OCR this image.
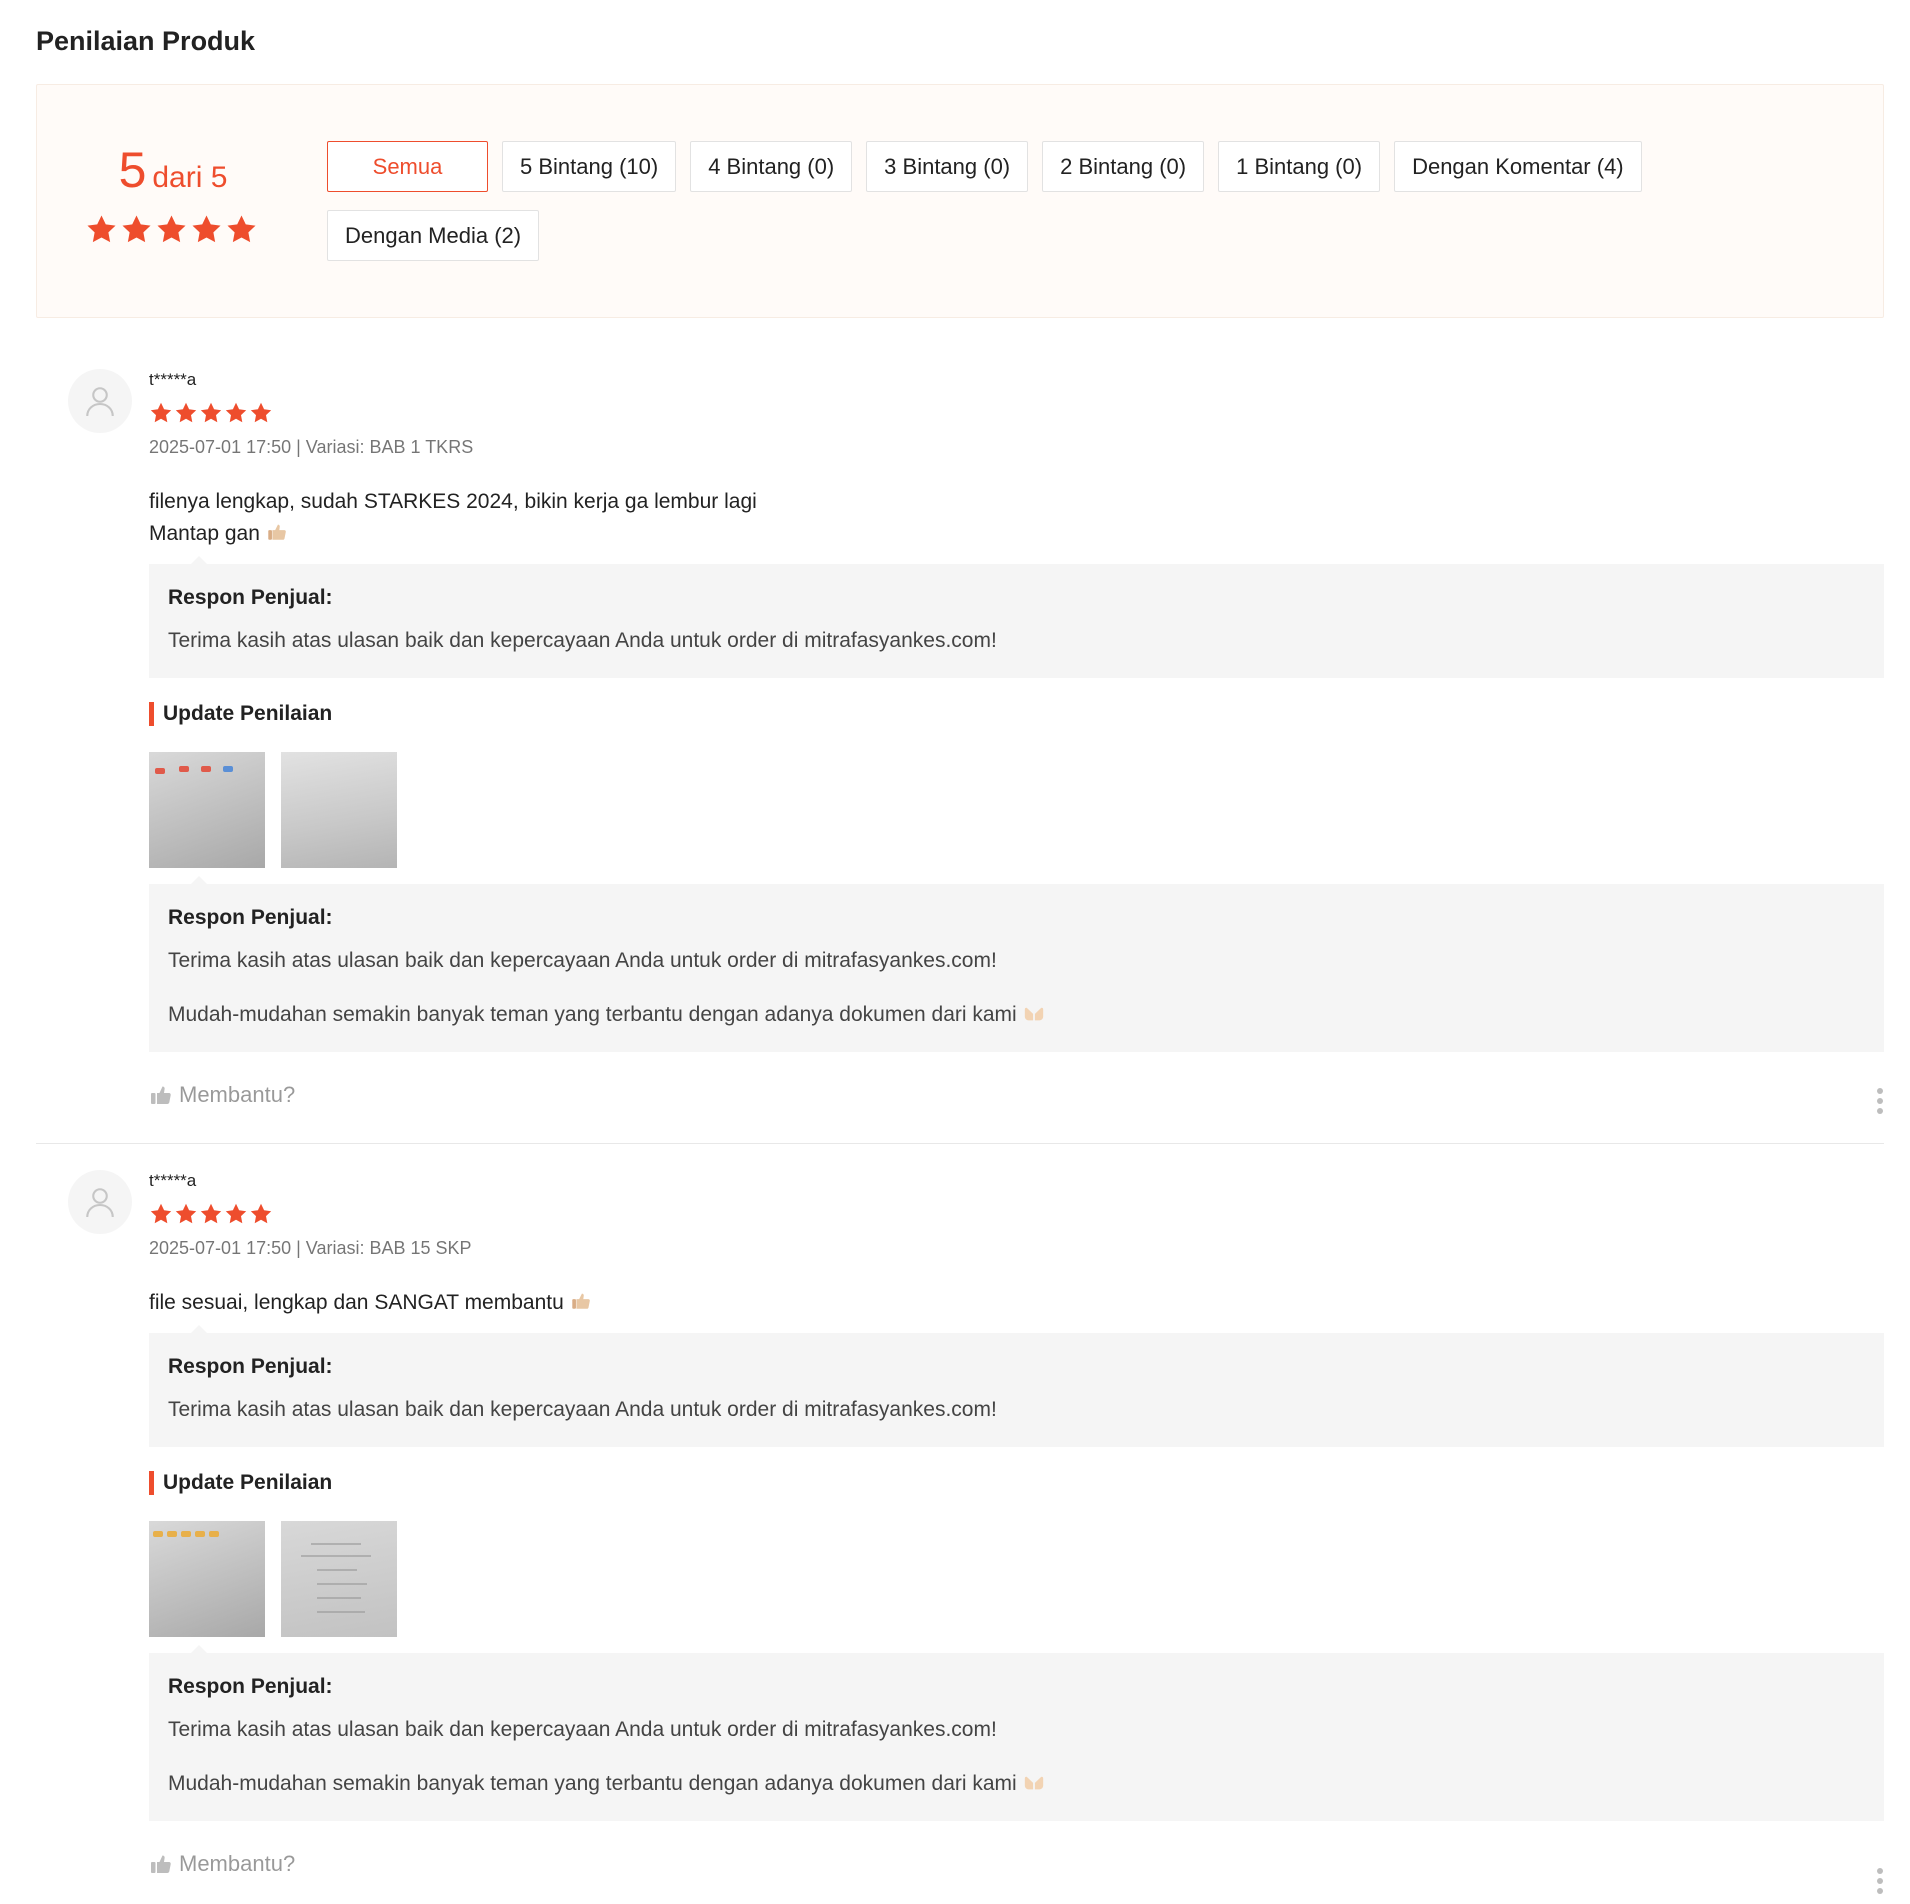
Penilaian Produk
5 dari 5	Semua	5 Bintang (10)	4 Bintang (0)	3 Bintang (0)	2 Bintang (0)	1 Bintang (0)	Dengan Komentar (4)
Dengan Media (2)
t*****a
2025-07-01 17:50 | Variasi: BAB 1 TKRS
filenya lengkap, sudah STARKES 2024, bikin kerja ga lembur lagi
Mantap gan
Respon Penjual:
Terima kasih atas ulasan baik dan kepercayaan Anda untuk order di mitrafasyankes.com!
Update Penilaian
Respon Penjual:
Terima kasih atas ulasan baik dan kepercayaan Anda untuk order di mitrafasyankes.com!
Mudah-mudahan semakin banyak teman yang terbantu dengan adanya dokumen dari kami
Membantu?
t*****a
2025-07-01 17:50 | Variasi: BAB 15 SKP
file sesuai, lengkap dan SANGAT membantu
Respon Penjual:
Terima kasih atas ulasan baik dan kepercayaan Anda untuk order di mitrafasyankes.com!
Update Penilaian
Respon Penjual:
Terima kasih atas ulasan baik dan kepercayaan Anda untuk order di mitrafasyankes.com!
Mudah-mudahan semakin banyak teman yang terbantu dengan adanya dokumen dari kami
Membantu?
